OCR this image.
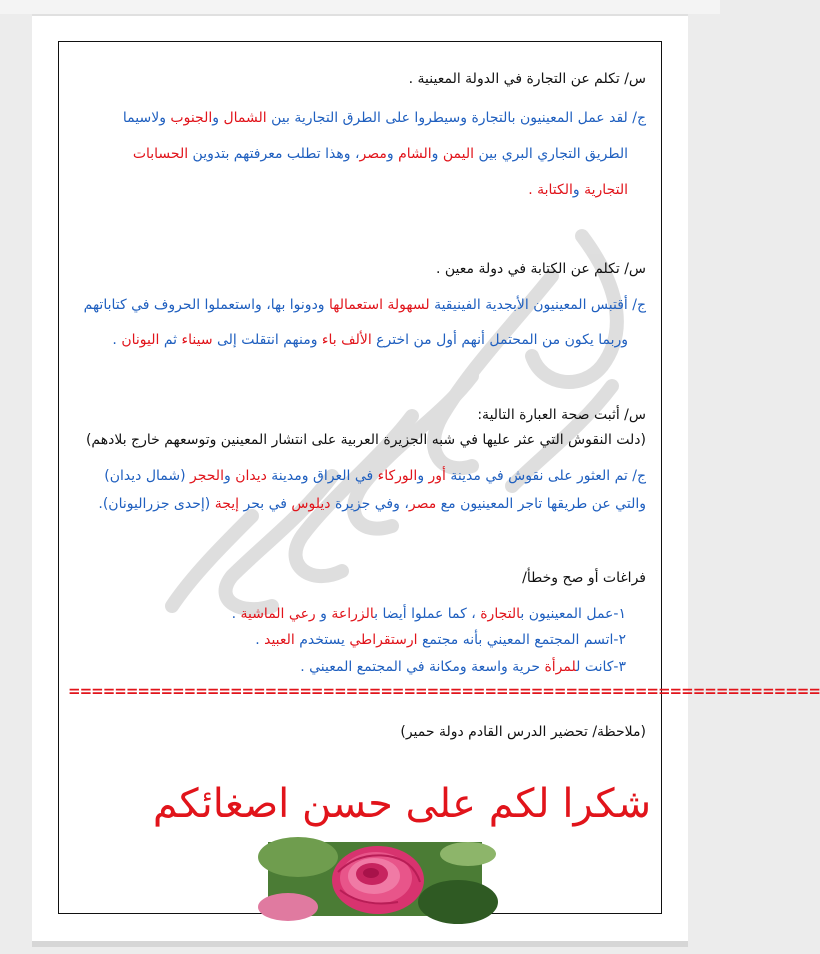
س/ تكلم عن التجارة في الدولة المعينية .
ج/ لقد عمل المعينيون بالتجارة وسيطروا على الطرق التجارية بين الشمال والجنوب ولاسيما
الطريق التجاري البري بين اليمن والشام ومصر، وهذا تطلب معرفتهم بتدوين الحسابات
التجارية والكتابة .
س/ تكلم عن الكتابة في دولة معين .
ج/ أقتبس المعينيون الأبجدية الفينيقية لسهولة استعمالها ودونوا بها، واستعملوا الحروف في كتاباتهم
وربما يكون من المحتمل أنهم أول من اخترع الألف باء ومنهم انتقلت إلى سيناء ثم اليونان .
س/ أثبت صحة العبارة التالية:
(دلت النقوش التي عثر عليها في شبه الجزيرة العربية على انتشار المعينين وتوسعهم خارج بلادهم)
ج/ تم العثور على نقوش في مدينة أور والوركاء في العراق ومدينة ديدان والحجر (شمال ديدان)
والتي عن طريقها تاجر المعينيون مع مصر، وفي جزيرة ديلوس في بحر إيجة (إحدى جزراليونان).
فراغات أو صح وخطأ/
١-عمل المعينيون بالتجارة ، كما عملوا أيضا بالزراعة و رعي الماشية .
٢-اتسم المجتمع المعيني بأنه مجتمع ارستقراطي يستخدم العبيد .
٣-كانت للمرأة حرية واسعة ومكانة في المجتمع المعيني .
=================================================================
(ملاحظة/ تحضير الدرس القادم دولة حمير)
شكرا لكم على حسن اصغائكم
